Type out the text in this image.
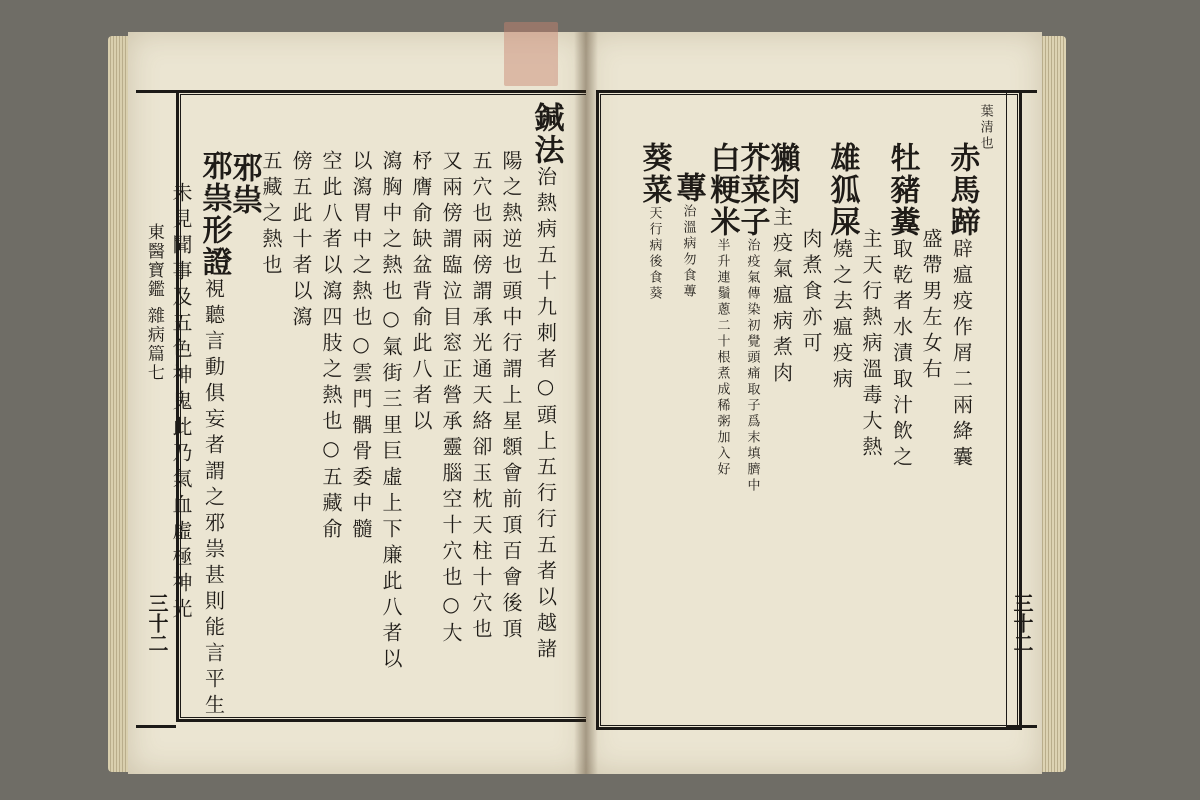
東醫寶鑑 雜病篇七
三十二
鍼法治熱病五十九刺者○頭上五行行五者以越諸
陽之熱逆也頭中行謂上星顖會前頂百會後頂
五穴也兩傍謂承光通天絡卻玉枕天柱十穴也
又兩傍謂臨泣目窓正營承靈腦空十穴也○大
杼膺俞缺盆背俞此八者以
瀉胸中之熱也○氣街三里巨虛上下廉此八者以
以瀉胃中之熱也○雲門髃骨委中髓
空此八者以瀉四肢之熱也○五藏俞
傍五此十者以瀉
五藏之熱也
邪祟
邪祟形證視聽言動俱妄者謂之邪祟甚則能言平生
未見聞事及五色神鬼此乃氣血虛極神光	三十二
葉清也
赤馬蹄辟瘟疫作屑二兩絳囊
盛帶男左女右
牡豬糞取乾者水漬取汁飲之
主天行熱病溫毒大熱
雄狐屎燒之去瘟疫病
肉煮食亦可
獺肉主疫氣瘟病煮肉
芥菜子治疫氣傳染初覺頭痛取子爲末填臍中
白粳米半升連鬚蔥二十根煮成稀粥加入好
蓴治溫病勿食蓴
葵菜天行病後食葵
